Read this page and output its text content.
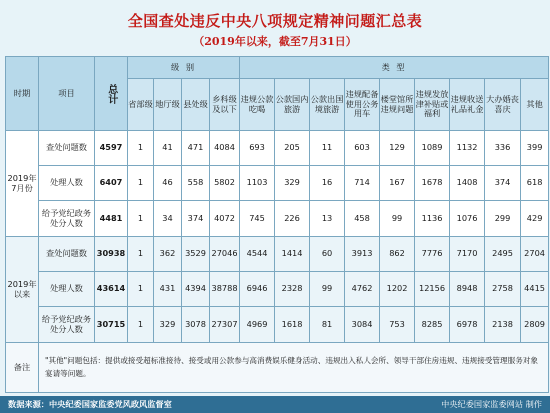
全国查处违反中央八项规定精神问题汇总表
（2019年以来，截至7月31日）
时期	项目	总计	级 别				类 型								
			省部级	地厅级	县处级	乡科级及以下	违规公款吃喝	公款国内旅游	公款出国境旅游	违规配备使用公务用车	楼堂馆所违规问题	违规发放津补贴或福利	违规收送礼品礼金	大办婚丧喜庆	其他
2019年7月份	查处问题数	4597	1	41	471	4084	693	205	11	603	129	1089	1132	336	399
	处理人数	6407	1	46	558	5802	1103	329	16	714	167	1678	1408	374	618
	给予党纪政务处分人数	4481	1	34	374	4072	745	226	13	458	99	1136	1076	299	429
2019年以来	查处问题数	30938	1	362	3529	27046	4544	1414	60	3913	862	7776	7170	2495	2704
	处理人数	43614	1	431	4394	38788	6946	2328	99	4762	1202	12156	8948	2758	4415
	给予党纪政务处分人数	30715	1	329	3078	27307	4969	1618	81	3084	753	8285	6978	2138	2809
备注	"其他"问题包括：提供或接受超标准接待、接受或用公款参与高消费娱乐健身活动、违规出入私人会所、领导干部住房违规、违规接受管理服务对象宴请等问题。														
数据来源：中央纪委国家监委党风政风监督室	中央纪委国家监委网站 制作
